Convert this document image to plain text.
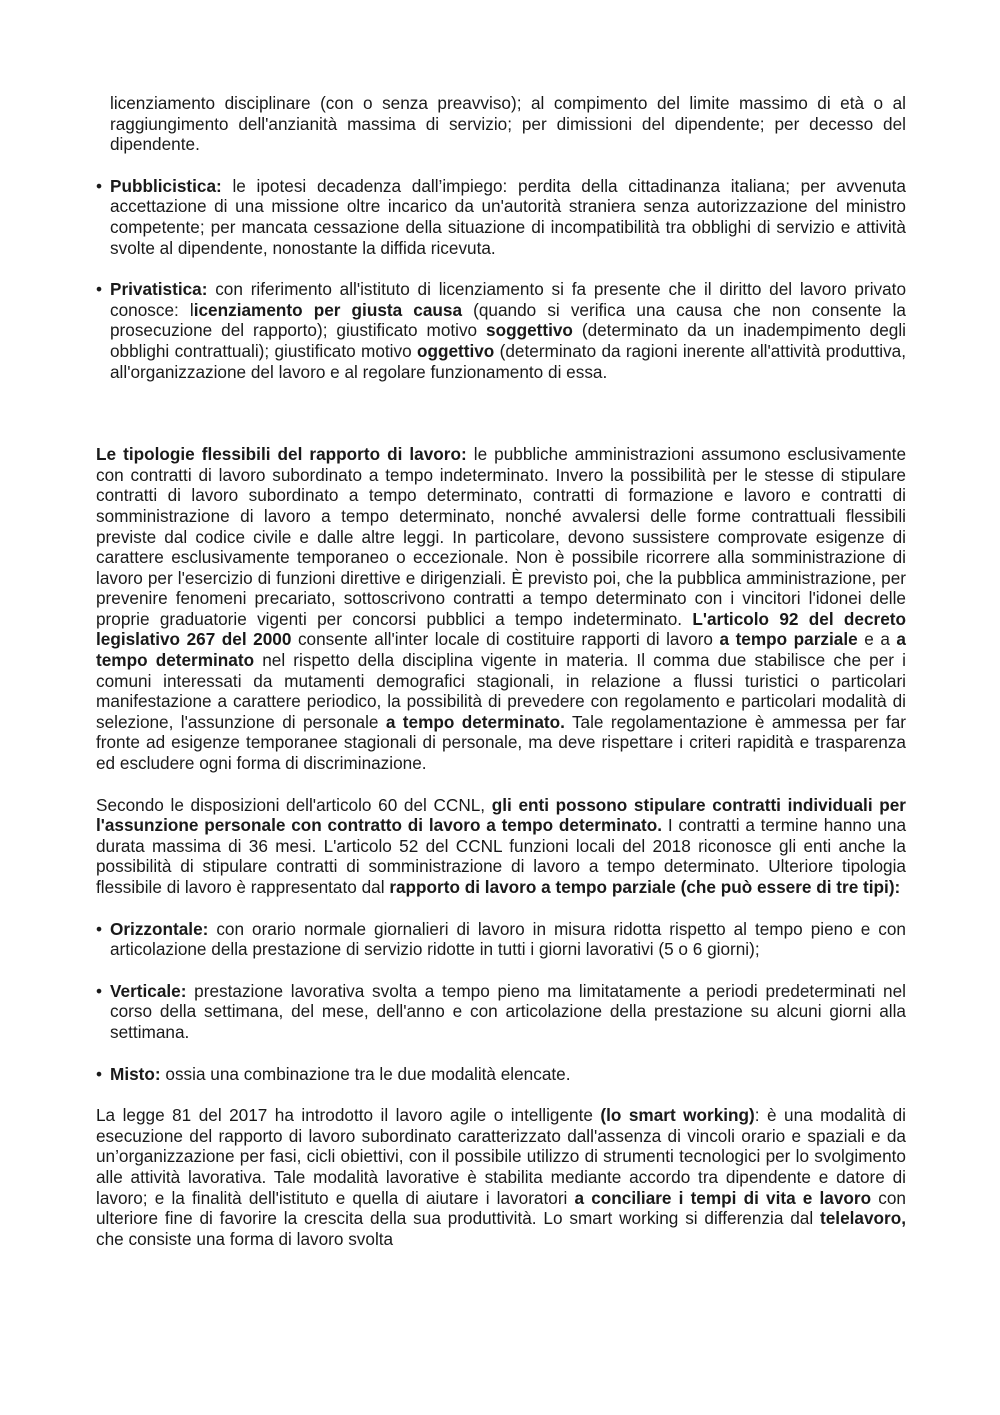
licenziamento disciplinare (con o senza preavviso); al compimento del limite massimo di età o al raggiungimento dell'anzianità massima di servizio; per dimissioni del dipendente; per decesso del dipendente.

• Pubblicistica: le ipotesi decadenza dall’impiego: perdita della cittadinanza italiana; per avvenuta accettazione di una missione oltre incarico da un'autorità straniera senza autorizzazione del ministro competente; per mancata cessazione della situazione di incompatibilità tra obblighi di servizio e attività svolte al dipendente, nonostante la diffida ricevuta.

• Privatistica: con riferimento all'istituto di licenziamento si fa presente che il diritto del lavoro privato conosce: licenziamento per giusta causa (quando si verifica una causa che non consente la prosecuzione del rapporto); giustificato motivo soggettivo (determinato da un inadempimento degli obblighi contrattuali); giustificato motivo oggettivo (determinato da ragioni inerente all'attività produttiva, all'organizzazione del lavoro e al regolare funzionamento di essa.

Le tipologie flessibili del rapporto di lavoro: le pubbliche amministrazioni assumono esclusivamente con contratti di lavoro subordinato a tempo indeterminato. Invero la possibilità per le stesse di stipulare contratti di lavoro subordinato a tempo determinato, contratti di formazione e lavoro e contratti di somministrazione di lavoro a tempo determinato, nonché avvalersi delle forme contrattuali flessibili previste dal codice civile e dalle altre leggi. In particolare, devono sussistere comprovate esigenze di carattere esclusivamente temporaneo o eccezionale. Non è possibile ricorrere alla somministrazione di lavoro per l'esercizio di funzioni direttive e dirigenziali. È previsto poi, che la pubblica amministrazione, per prevenire fenomeni precariato, sottoscrivono contratti a tempo determinato con i vincitori l'idonei delle proprie graduatorie vigenti per concorsi pubblici a tempo indeterminato. L'articolo 92 del decreto legislativo 267 del 2000 consente all'inter locale di costituire rapporti di lavoro a tempo parziale e a a tempo determinato nel rispetto della disciplina vigente in materia. Il comma due stabilisce che per i comuni interessati da mutamenti demografici stagionali, in relazione a flussi turistici o particolari manifestazione a carattere periodico, la possibilità di prevedere con regolamento e particolari modalità di selezione, l'assunzione di personale a tempo determinato. Tale regolamentazione è ammessa per far fronte ad esigenze temporanee stagionali di personale, ma deve rispettare i criteri rapidità e trasparenza ed escludere ogni forma di discriminazione.

Secondo le disposizioni dell'articolo 60 del CCNL, gli enti possono stipulare contratti individuali per l'assunzione personale con contratto di lavoro a tempo determinato. I contratti a termine hanno una durata massima di 36 mesi. L'articolo 52 del CCNL funzioni locali del 2018 riconosce gli enti anche la possibilità di stipulare contratti di somministrazione di lavoro a tempo determinato. Ulteriore tipologia flessibile di lavoro è rappresentato dal rapporto di lavoro a tempo parziale (che può essere di tre tipi):

• Orizzontale: con orario normale giornalieri di lavoro in misura ridotta rispetto al tempo pieno e con articolazione della prestazione di servizio ridotte in tutti i giorni lavorativi (5 o 6 giorni);

• Verticale: prestazione lavorativa svolta a tempo pieno ma limitatamente a periodi predeterminati nel corso della settimana, del mese, dell'anno e con articolazione della prestazione su alcuni giorni alla settimana.

• Misto: ossia una combinazione tra le due modalità elencate.

La legge 81 del 2017 ha introdotto il lavoro agile o intelligente (lo smart working): è una modalità di esecuzione del rapporto di lavoro subordinato caratterizzato dall'assenza di vincoli orario e spaziali e da un’organizzazione per fasi, cicli obiettivi, con il possibile utilizzo di strumenti tecnologici per lo svolgimento alle attività lavorativa. Tale modalità lavorative è stabilita mediante accordo tra dipendente e datore di lavoro; e la finalità dell'istituto e quella di aiutare i lavoratori a conciliare i tempi di vita e lavoro con ulteriore fine di favorire la crescita della sua produttività. Lo smart working si differenzia dal telelavoro, che consiste una forma di lavoro svolta
